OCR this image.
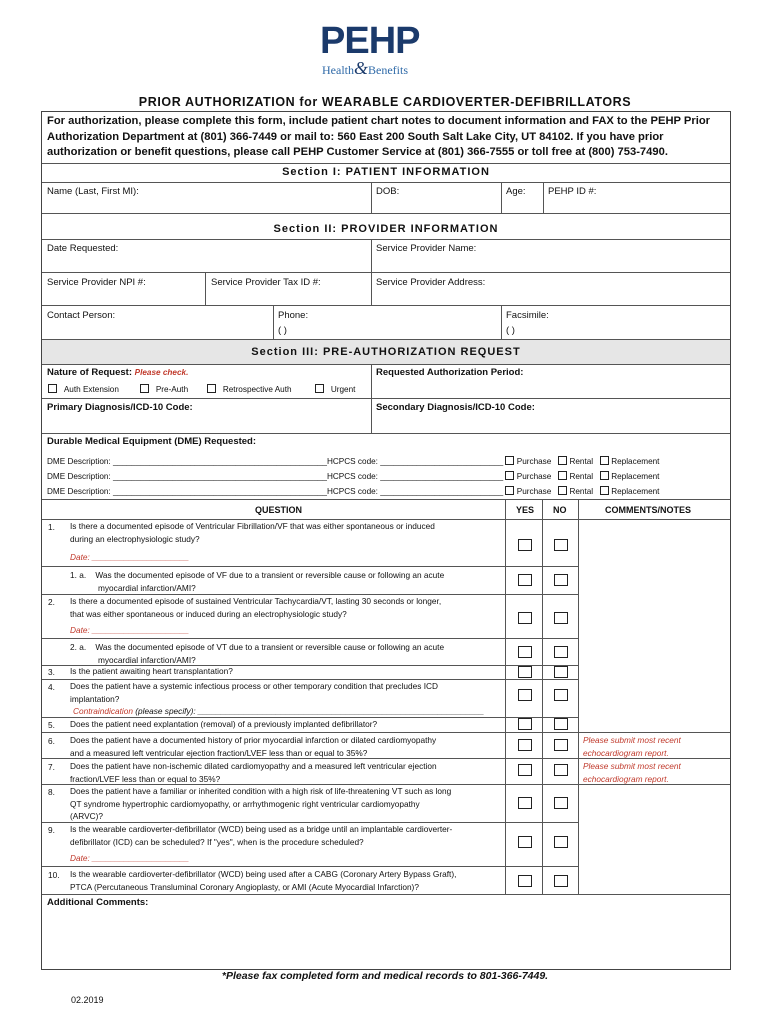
PEHP
Health&Benefits
PRIOR AUTHORIZATION for WEARABLE CARDIOVERTER-DEFIBRILLATORS
For authorization, please complete this form, include patient chart notes to document information and FAX to the PEHP Prior
Authorization Department at (801) 366-7449 or mail to: 560 East 200 South Salt Lake City, UT 84102. If you have prior
authorization or benefit questions, please call PEHP Customer Service at (801) 366-7555 or toll free at (800) 753-7490.
Section I: PATIENT INFORMATION
Name (Last, First MI):	DOB:	Age: PEHP ID #:
Section II: PROVIDER INFORMATION
Date Requested:	Service Provider Name:
Service Provider NPI #:	Service Provider Tax ID #:	Service Provider Address:
Contact Person:	Phone:
( )
Facsimile:
( )
Section III: PRE-AUTHORIZATION REQUEST
Nature of Request: Please check.	Requested Authorization Period:
Auth Extension	Pre-Auth	Retrospective Auth	Urgent
Primary Diagnosis/ICD-10 Code:	Secondary Diagnosis/ICD-10 Code:
Durable Medical Equipment (DME) Requested:
DME Description: _______________________________________________HCPCS code: ___________________________ Purchase Rental Replacement
DME Description: _______________________________________________HCPCS code: ___________________________ Purchase Rental Replacement
DME Description: _______________________________________________HCPCS code: ___________________________ Purchase Rental Replacement
QUESTION	YES NO	COMMENTS/NOTES
1. Is there a documented episode of Ventricular Fibrillation/VF that was either spontaneous or induced
during an electrophysiologic study?
Date: _____________________
1. a. Was the documented episode of VF due to a transient or reversible cause or following an acute
myocardial infarction/AMI?
2. Is there a documented episode of sustained Ventricular Tachycardia/VT, lasting 30 seconds or longer,
that was either spontaneous or induced during an electrophysiologic study?
Date: _____________________
2. a. Was the documented episode of VT due to a transient or reversible cause or following an acute
myocardial infarction/AMI?
3. Is the patient awaiting heart transplantation?
4. Does the patient have a systemic infectious process or other temporary condition that precludes ICD
implantation?
Contraindication (please specify): ______________________________________________________________
5. Does the patient need explantation (removal) of a previously implanted defibrillator?
6. Does the patient have a documented history of prior myocardial infarction or dilated cardiomyopathy
and a measured left ventricular ejection fraction/LVEF less than or equal to 35%?
Please submit most recent
echocardiogram report.
7. Does the patient have non-ischemic dilated cardiomyopathy and a measured left ventricular ejection
fraction/LVEF less than or equal to 35%?
Please submit most recent
echocardiogram report.
8. Does the patient have a familiar or inherited condition with a high risk of life-threatening VT such as long
QT syndrome hypertrophic cardiomyopathy, or arrhythmogenic right ventricular cardiomyopathy
(ARVC)?
9. Is the wearable cardioverter-defibrillator (WCD) being used as a bridge until an implantable cardioverter-
defibrillator (ICD) can be scheduled? If "yes", when is the procedure scheduled?
Date: _____________________
10. Is the wearable cardioverter-defibrillator (WCD) being used after a CABG (Coronary Artery Bypass Graft),
PTCA (Percutaneous Transluminal Coronary Angioplasty, or AMI (Acute Myocardial Infarction)?
Additional Comments:
*Please fax completed form and medical records to 801-366-7449.
02.2019
